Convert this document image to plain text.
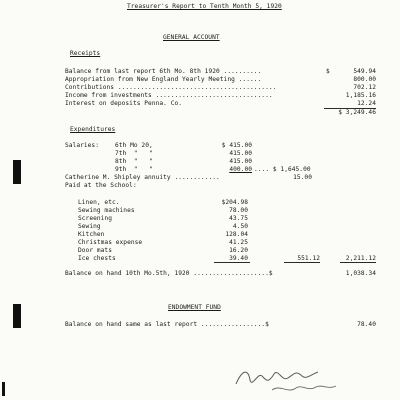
Treasurer's Report to Tenth Month 5, 1920
GENERAL ACCOUNT
Receipts
Balance from last report 6th Mo. 8th 1920 ..........	$	549.94
Appropriation from New England Yearly Meeting ......	800.00
Contributions ..........................................	702.12
Income from investments ...............................	1,185.16
Interest on deposits Penna. Co.	12.24
$ 3,249.46
Expenditures
Salaries:	6th Mo 20,	$ 415.00
7th  "   "	415.00
8th  "   "	415.00
9th  "   "	400.00 .... $ 1,645.00
Catherine M. Shipley annuity ............	15.00
Paid at the School:
Linen, etc.	$204.98
Sewing machines	78.00
Screening	43.75
Sewing	4.50
Kitchen	128.04
Christmas expense	41.25
Door mats	16.20
Ice chests	39.40	551.12	2,211.12
Balance on hand 10th Mo.5th, 1920 ....................$	1,038.34
ENDOWMENT FUND
Balance on hand same as last report .................$	78.40
